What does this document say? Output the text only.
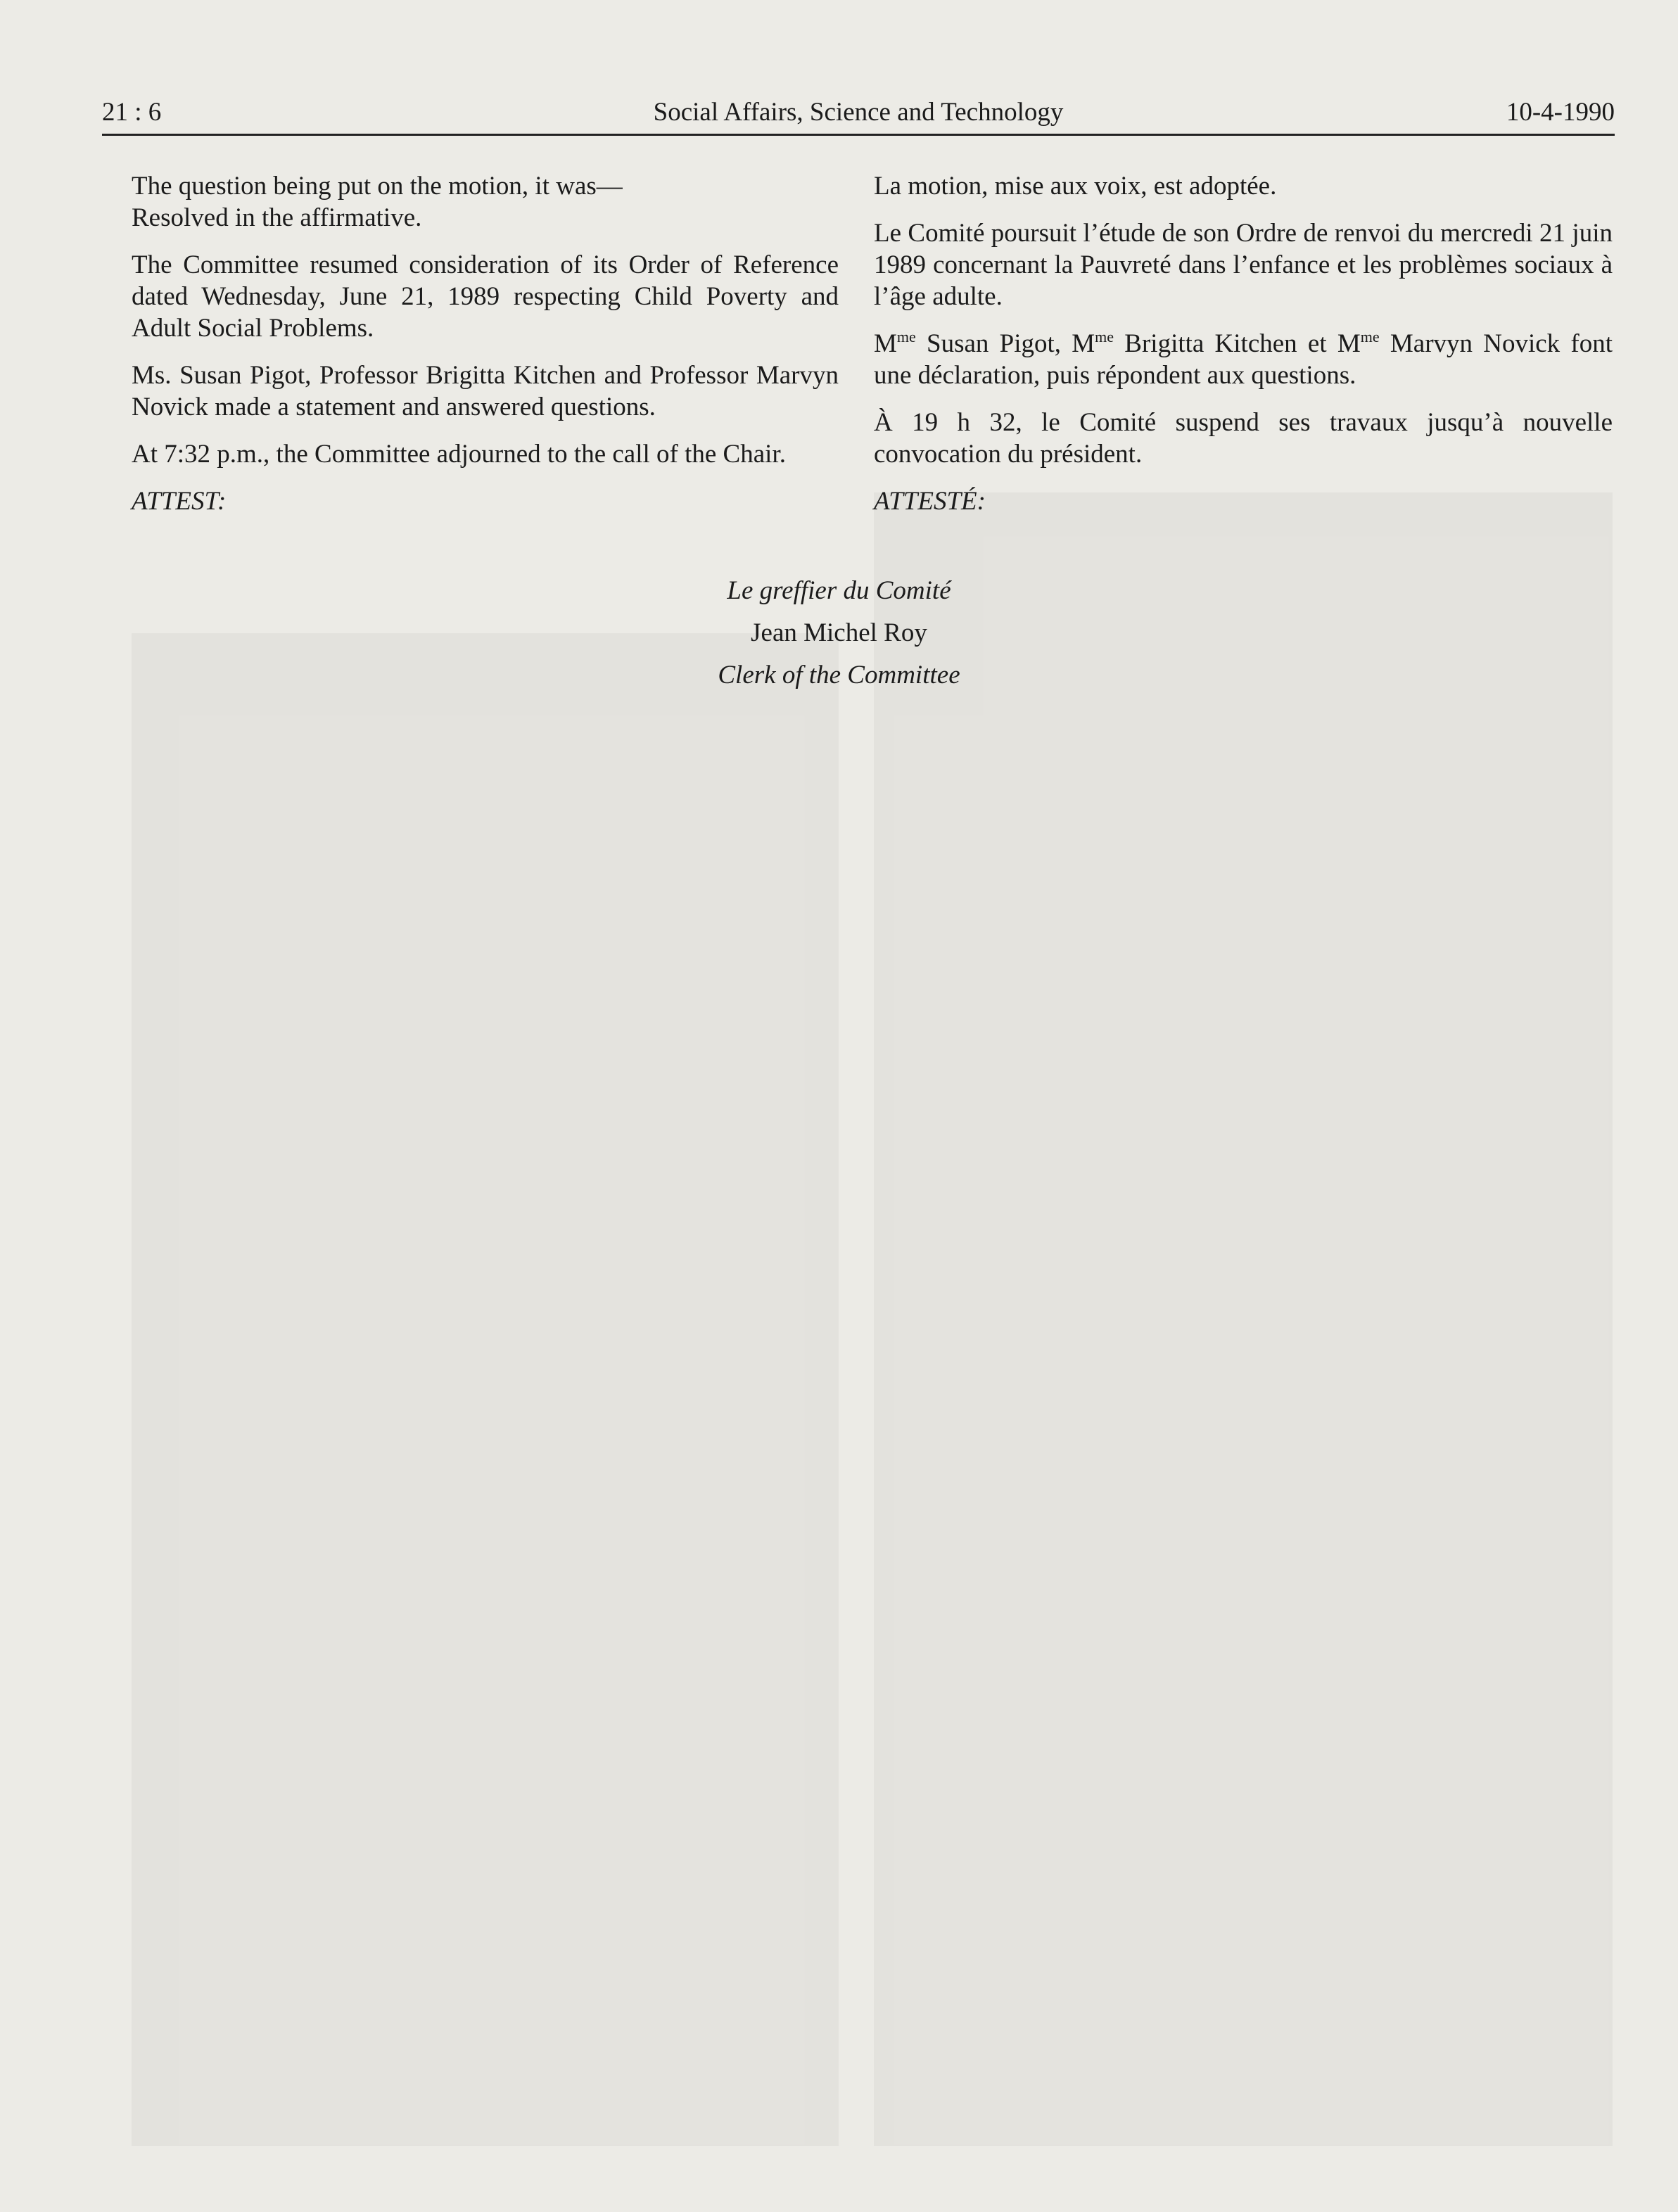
21 : 6	Social Affairs, Science and Technology	10-4-1990

The question being put on the motion, it was—

Resolved in the affirmative.

The Committee resumed consideration of its Order of Reference dated Wednesday, June 21, 1989 respecting Child Poverty and Adult Social Problems.

Ms. Susan Pigot, Professor Brigitta Kitchen and Professor Marvyn Novick made a statement and answered questions.

At 7:32 p.m., the Committee adjourned to the call of the Chair.

ATTEST:

La motion, mise aux voix, est adoptée.

Le Comité poursuit l’étude de son Ordre de renvoi du mercredi 21 juin 1989 concernant la Pauvreté dans l’enfance et les problèmes sociaux à l’âge adulte.

$M^{me}$ Susan Pigot, $M^{me}$ Brigitta Kitchen et $M^{me}$ Marvyn Novick font une déclaration, puis répondent aux questions.

À 19 h 32, le Comité suspend ses travaux jusqu’à nouvelle convocation du président.

ATTESTÉ:

Le greffier du Comité
Jean Michel Roy
Clerk of the Committee
